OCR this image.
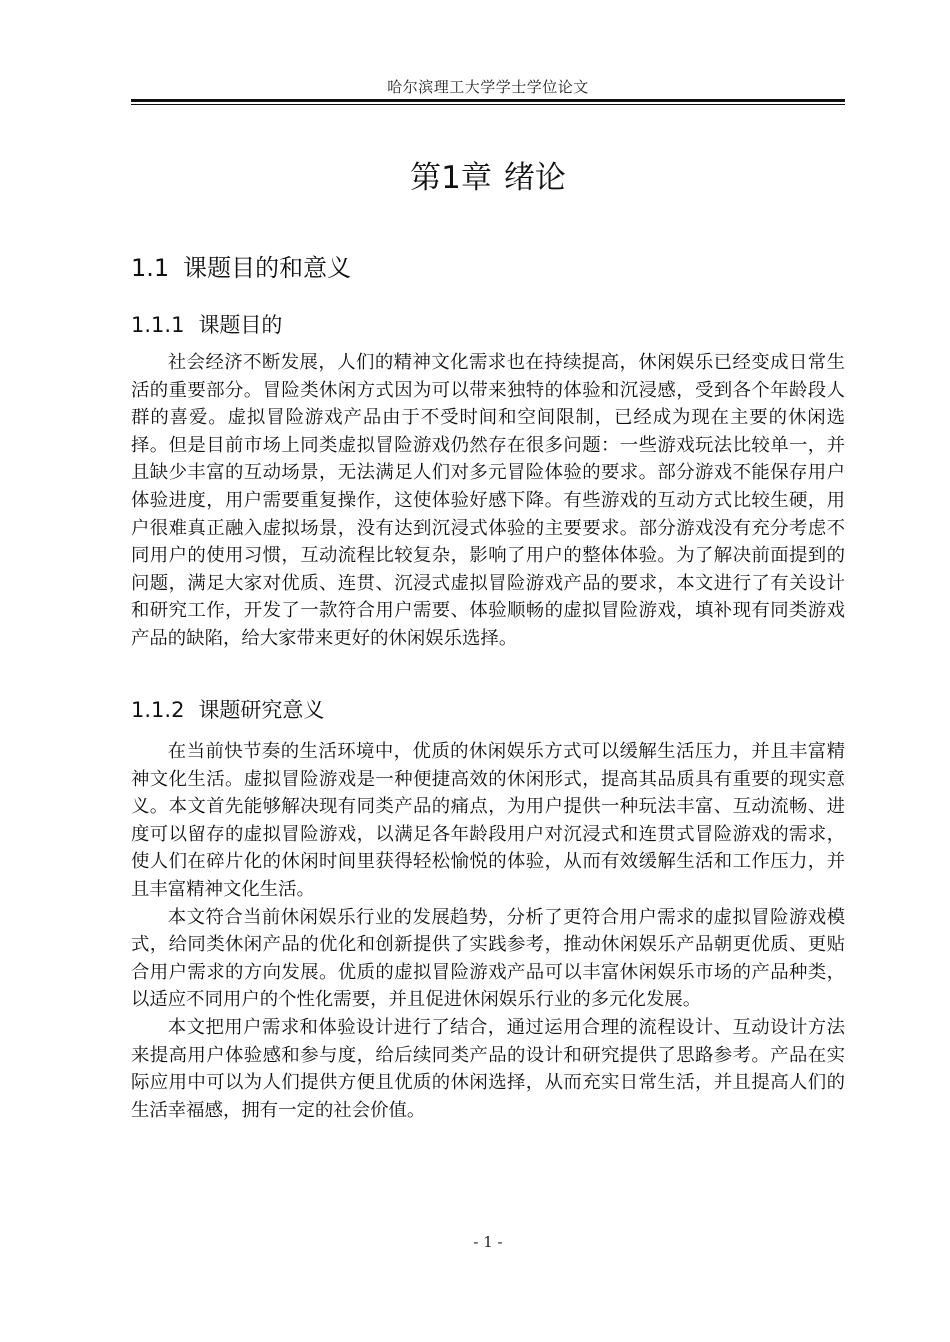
哈尔滨理工大学学士学位论文
第1章 绪论
1.1 课题目的和意义
1.1.1 课题目的

社会经济不断发展，人们的精神文化需求也在持续提高，休闲娱乐已经变成日常生活的重要部分。冒险类休闲方式因为可以带来独特的体验和沉浸感，受到各个年龄段人群的喜爱。虚拟冒险游戏产品由于不受时间和空间限制，已经成为现在主要的休闲选择。但是目前市场上同类虚拟冒险游戏仍然存在很多问题：一些游戏玩法比较单一，并且缺少丰富的互动场景，无法满足人们对多元冒险体验的要求。部分游戏不能保存用户体验进度，用户需要重复操作，这使体验好感下降。有些游戏的互动方式比较生硬，用户很难真正融入虚拟场景，没有达到沉浸式体验的主要要求。部分游戏没有充分考虑不同用户的使用习惯，互动流程比较复杂，影响了用户的整体体验。为了解决前面提到的问题，满足大家对优质、连贯、沉浸式虚拟冒险游戏产品的要求，本文进行了有关设计和研究工作，开发了一款符合用户需要、体验顺畅的虚拟冒险游戏，填补现有同类游戏产品的缺陷，给大家带来更好的休闲娱乐选择。

1.1.2 课题研究意义

在当前快节奏的生活环境中，优质的休闲娱乐方式可以缓解生活压力，并且丰富精神文化生活。虚拟冒险游戏是一种便捷高效的休闲形式，提高其品质具有重要的现实意义。本文首先能够解决现有同类产品的痛点，为用户提供一种玩法丰富、互动流畅、进度可以留存的虚拟冒险游戏，以满足各年龄段用户对沉浸式和连贯式冒险游戏的需求，使人们在碎片化的休闲时间里获得轻松愉悦的体验，从而有效缓解生活和工作压力，并且丰富精神文化生活。

本文符合当前休闲娱乐行业的发展趋势，分析了更符合用户需求的虚拟冒险游戏模式，给同类休闲产品的优化和创新提供了实践参考，推动休闲娱乐产品朝更优质、更贴合用户需求的方向发展。优质的虚拟冒险游戏产品可以丰富休闲娱乐市场的产品种类，以适应不同用户的个性化需要，并且促进休闲娱乐行业的多元化发展。

本文把用户需求和体验设计进行了结合，通过运用合理的流程设计、互动设计方法来提高用户体验感和参与度，给后续同类产品的设计和研究提供了思路参考。产品在实际应用中可以为人们提供方便且优质的休闲选择，从而充实日常生活，并且提高人们的生活幸福感，拥有一定的社会价值。

- 1 -
